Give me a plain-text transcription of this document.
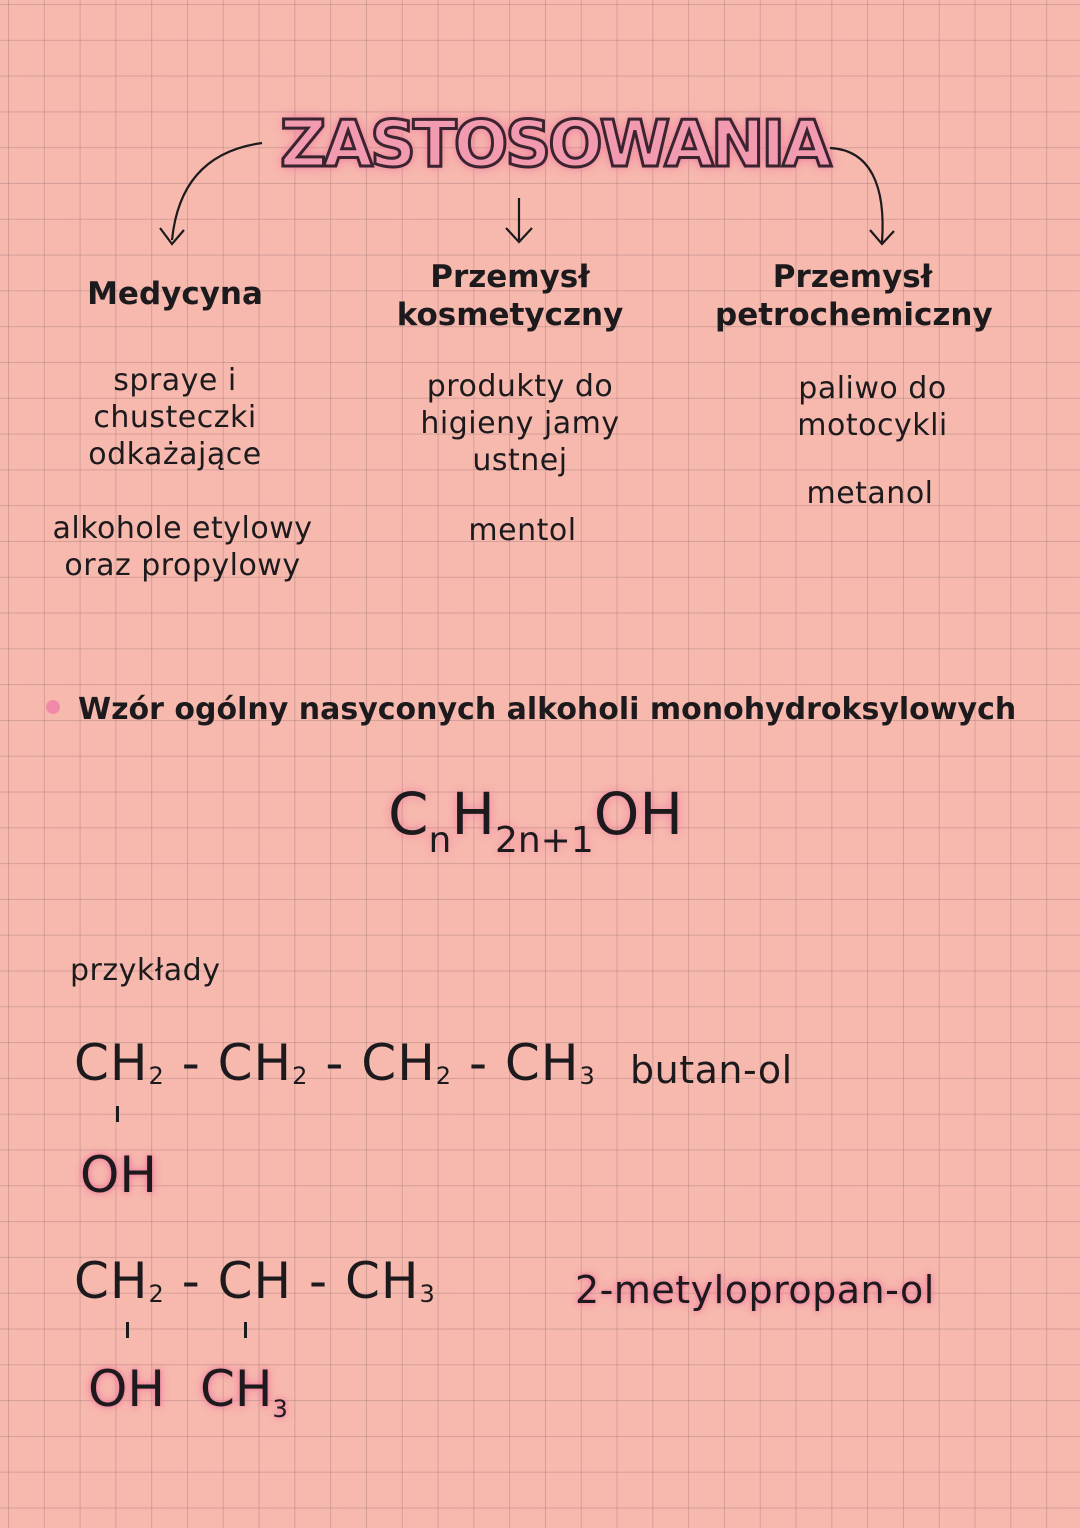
ZASTOSOWANIA
Medycyna
sprayе i
chusteczki
odkażające
alkohole etylowy
oraz propylowy
Przemysł
kosmetyczny
produkty do
higieny jamy
ustnej
mentol
Przemysł
petrochemiczny
paliwo do
motocykli
metanol
Wzór ogólny nasyconych alkoholi monohydroksylowych
$C_nH_{2n+1}OH$
przykłady
$CH_2 - CH_2 - CH_2 - CH_3$
OH
butan-ol
$CH_2$ - CH - $CH_3$
OH $CH_3$
2-metylopropan-ol
